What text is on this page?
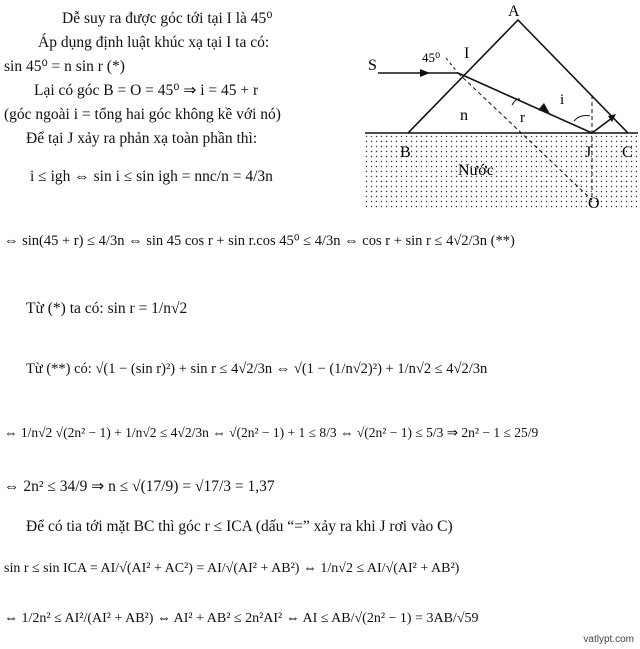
Dễ suy ra được góc tới tại I là 45⁰
Áp dụng định luật khúc xạ tại I ta có:
sin 45⁰ = n sin r (*)
Lại có góc B = O = 45⁰ ⇒ i = 45 + r
(góc ngoài i = tổng hai góc không kề với nó)
Để tại J xảy ra phản xạ toàn phần thì:
i ≤ igh ⇔ sin i ≤ sin igh = nnc/n = 4/3n
⇔ sin(45 + r) ≤ 4/3n ⇔ sin 45 cos r + sin r.cos 45⁰ ≤ 4/3n ⇔ cos r + sin r ≤ 4√2/3n (**)
Từ (*) ta có: sin r = 1/n√2
Từ (**) có: √(1 − (sin r)²) + sin r ≤ 4√2/3n ⇔ √(1 − (1/n√2)²) + 1/n√2 ≤ 4√2/3n
⇔ 1/n√2 √(2n² − 1) + 1/n√2 ≤ 4√2/3n ⇔ √(2n² − 1) + 1 ≤ 8/3 ⇔ √(2n² − 1) ≤ 5/3 ⇒ 2n² − 1 ≤ 25/9
⇔ 2n² ≤ 34/9 ⇒ n ≤ √(17/9) = √17/3 = 1,37
Để có tia tới mặt BC thì góc r ≤ ICA (dấu “=” xảy ra khi J rơi vào C)
sin r ≤ sin ICA = AI/√(AI² + AC²) = AI/√(AI² + AB²) ⇔ 1/n√2 ≤ AI/√(AI² + AB²)
⇔ 1/2n² ≤ AI²/(AI² + AB²) ⇔ AI² + AB² ≤ 2n²AI² ⇔ AI ≤ AB/√(2n² − 1) = 3AB/√59
A
B	C
I
J
O
S
n	r
i
45⁰
Nước
vatlypt.com
